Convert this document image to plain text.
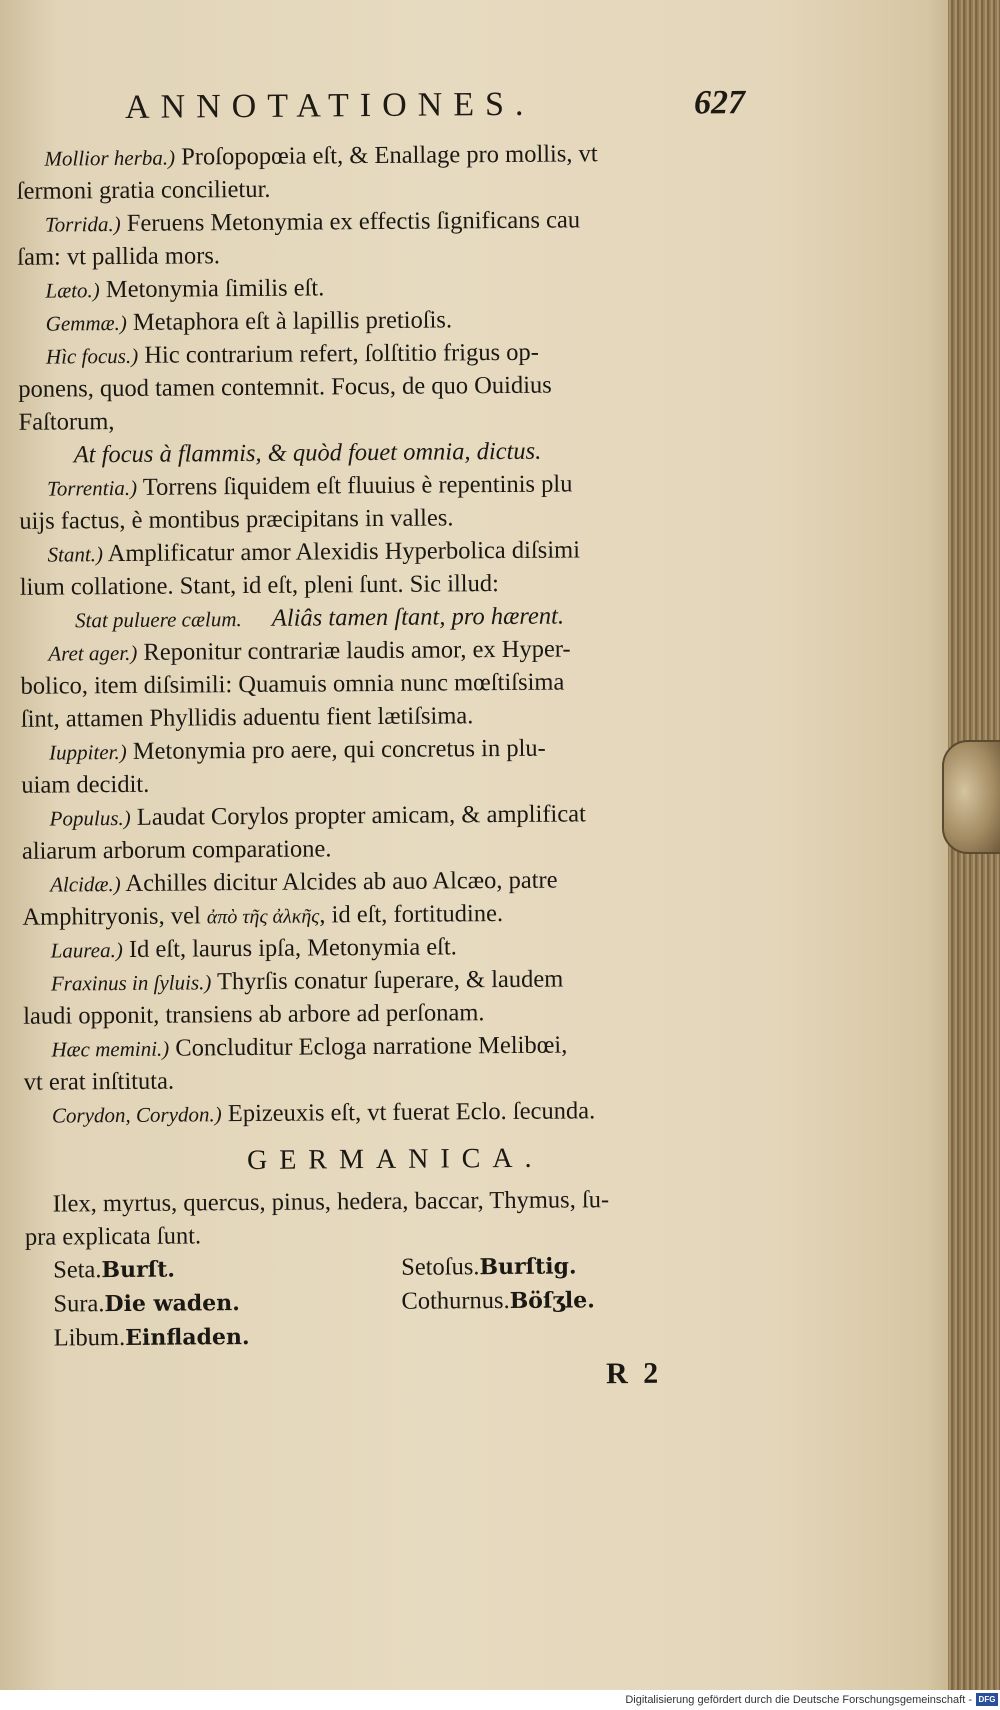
ANNOTATIONES.	627
Mollior herba.) Proſopopœia eſt, & Enallage pro mollis, vt
ſermoni gratia concilietur.
Torrida.) Feruens Metonymia ex effectis ſignificans cau
ſam: vt pallida mors.
Læto.) Metonymia ſimilis eſt.
Gemmæ.) Metaphora eſt à lapillis pretioſis.
Hìc focus.) Hic contrarium refert, ſolſtitio frigus op-
ponens, quod tamen contemnit. Focus, de quo Ouidius
Faſtorum,
At focus à flammis, & quòd fouet omnia, dictus.
Torrentia.) Torrens ſiquidem eſt fluuius è repentinis plu
uijs factus, è montibus præcipitans in valles.
Stant.) Amplificatur amor Alexidis Hyperbolica diſsimi
lium collatione. Stant, id eſt, pleni ſunt. Sic illud:
Stat puluere cælum.     Aliâs tamen ſtant, pro hærent.
Aret ager.) Reponitur contrariæ laudis amor, ex Hyper-
bolico, item diſsimili: Quamuis omnia nunc mœſtiſsima
ſint, attamen Phyllidis aduentu fient lætiſsima.
Iuppiter.) Metonymia pro aere, qui concretus in plu-
uiam decidit.
Populus.) Laudat Corylos propter amicam, & amplificat
aliarum arborum comparatione.
Alcidæ.) Achilles dicitur Alcides ab auo Alcæo, patre
Amphitryonis, vel ἀπὸ τῆς ἀλκῆς, id eſt, fortitudine.
Laurea.) Id eſt, laurus ipſa, Metonymia eſt.
Fraxinus in ſyluis.) Thyrſis conatur ſuperare, & laudem
laudi opponit, transiens ab arbore ad perſonam.
Hæc memini.) Concluditur Ecloga narratione Melibœi,
vt erat inſtituta.
Corydon, Corydon.) Epizeuxis eſt, vt fuerat Eclo. ſecunda.
GERMANICA.
Ilex, myrtus, quercus, pinus, hedera, baccar, Thymus, ſu-
pra explicata ſunt.
Seta.Burſt.	Setoſus.Burſtig.
Sura.Die waden.	Cothurnus.Böſʒle.
Libum.Einfladen.
R 2
Digitalisierung gefördert durch die Deutsche Forschungsgemeinschaft - DFG
